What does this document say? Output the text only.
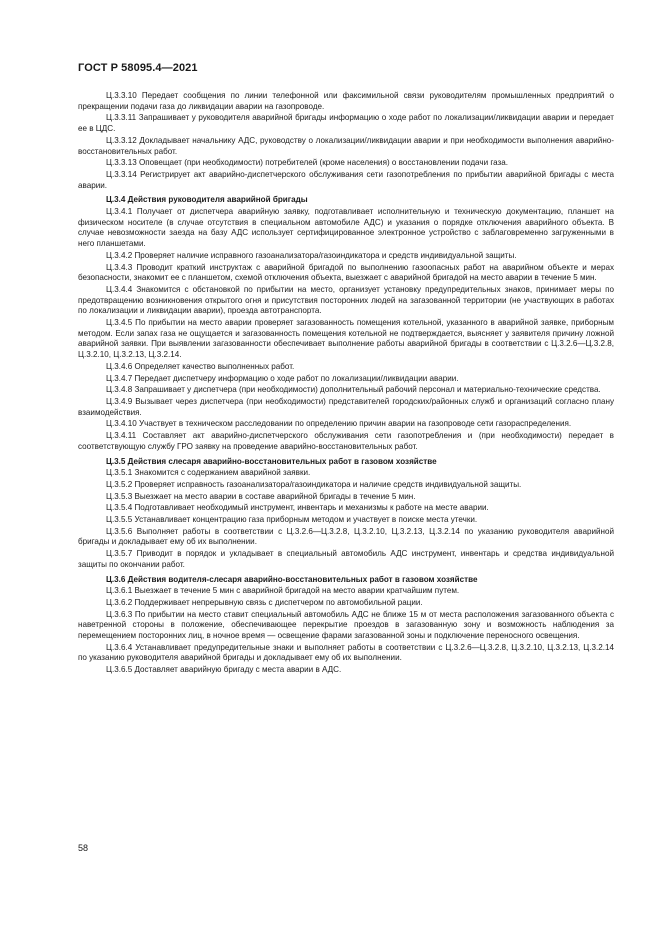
ГОСТ Р 58095.4—2021

Ц.3.3.10 Передает сообщения по линии телефонной или факсимильной связи руководителям промышленных предприятий о прекращении подачи газа до ликвидации аварии на газопроводе.

Ц.3.3.11 Запрашивает у руководителя аварийной бригады информацию о ходе работ по локализации/ликвидации аварии и передает ее в ЦДС.

Ц.3.3.12 Докладывает начальнику АДС, руководству о локализации/ликвидации аварии и при необходимости выполнения аварийно-восстановительных работ.

Ц.3.3.13 Оповещает (при необходимости) потребителей (кроме населения) о восстановлении подачи газа.

Ц.3.3.14 Регистрирует акт аварийно-диспетчерского обслуживания сети газопотребления по прибытии аварийной бригады с места аварии.

Ц.3.4 Действия руководителя аварийной бригады

Ц.3.4.1 Получает от диспетчера аварийную заявку, подготавливает исполнительную и техническую документацию, планшет на физическом носителе (в случае отсутствия в специальном автомобиле АДС) и указания о порядке отключения аварийного объекта. В случае невозможности заезда на базу АДС использует сертифицированное электронное устройство с заблаговременно загруженными в него планшетами.

Ц.3.4.2 Проверяет наличие исправного газоанализатора/газоиндикатора и средств индивидуальной защиты.

Ц.3.4.3 Проводит краткий инструктаж с аварийной бригадой по выполнению газоопасных работ на аварийном объекте и мерах безопасности, знакомит ее с планшетом, схемой отключения объекта, выезжает с аварийной бригадой на место аварии в течение 5 мин.

Ц.3.4.4 Знакомится с обстановкой по прибытии на место, организует установку предупредительных знаков, принимает меры по предотвращению возникновения открытого огня и присутствия посторонних людей на загазованной территории (не участвующих в работах по локализации и ликвидации аварии), проезда автотранспорта.

Ц.3.4.5 По прибытии на место аварии проверяет загазованность помещения котельной, указанного в аварийной заявке, приборным методом. Если запах газа не ощущается и загазованность помещения котельной не подтверждается, выясняет у заявителя причину ложной аварийной заявки. При выявлении загазованности обеспечивает выполнение работы аварийной бригады в соответствии с Ц.3.2.6—Ц.3.2.8, Ц.3.2.10, Ц.3.2.13, Ц.3.2.14.

Ц.3.4.6 Определяет качество выполненных работ.

Ц.3.4.7 Передает диспетчеру информацию о ходе работ по локализации/ликвидации аварии.

Ц.3.4.8 Запрашивает у диспетчера (при необходимости) дополнительный рабочий персонал и материально-технические средства.

Ц.3.4.9 Вызывает через диспетчера (при необходимости) представителей городских/районных служб и организаций согласно плану взаимодействия.

Ц.3.4.10 Участвует в техническом расследовании по определению причин аварии на газопроводе сети газораспределения.

Ц.3.4.11 Составляет акт аварийно-диспетчерского обслуживания сети газопотребления и (при необходимости) передает в соответствующую службу ГРО заявку на проведение аварийно-восстановительных работ.

Ц.3.5 Действия слесаря аварийно-восстановительных работ в газовом хозяйстве

Ц.3.5.1 Знакомится с содержанием аварийной заявки.

Ц.3.5.2 Проверяет исправность газоанализатора/газоиндикатора и наличие средств индивидуальной защиты.

Ц.3.5.3 Выезжает на место аварии в составе аварийной бригады в течение 5 мин.

Ц.3.5.4 Подготавливает необходимый инструмент, инвентарь и механизмы к работе на месте аварии.

Ц.3.5.5 Устанавливает концентрацию газа приборным методом и участвует в поиске места утечки.

Ц.3.5.6 Выполняет работы в соответствии с Ц.3.2.6—Ц.3.2.8, Ц.3.2.10, Ц.3.2.13, Ц.3.2.14 по указанию руководителя аварийной бригады и докладывает ему об их выполнении.

Ц.3.5.7 Приводит в порядок и укладывает в специальный автомобиль АДС инструмент, инвентарь и средства индивидуальной защиты по окончании работ.

Ц.3.6 Действия водителя-слесаря аварийно-восстановительных работ в газовом хозяйстве

Ц.3.6.1 Выезжает в течение 5 мин с аварийной бригадой на место аварии кратчайшим путем.

Ц.3.6.2 Поддерживает непрерывную связь с диспетчером по автомобильной рации.

Ц.3.6.3 По прибытии на место ставит специальный автомобиль АДС не ближе 15 м от места расположения загазованного объекта с наветренной стороны в положение, обеспечивающее перекрытие проездов в загазованную зону и возможность наблюдения за перемещением посторонних лиц, в ночное время — освещение фарами загазованной зоны и подключение переносного освещения.

Ц.3.6.4 Устанавливает предупредительные знаки и выполняет работы в соответствии с Ц.3.2.6—Ц.3.2.8, Ц.3.2.10, Ц.3.2.13, Ц.3.2.14 по указанию руководителя аварийной бригады и докладывает ему об их выполнении.

Ц.3.6.5 Доставляет аварийную бригаду с места аварии в АДС.

58
